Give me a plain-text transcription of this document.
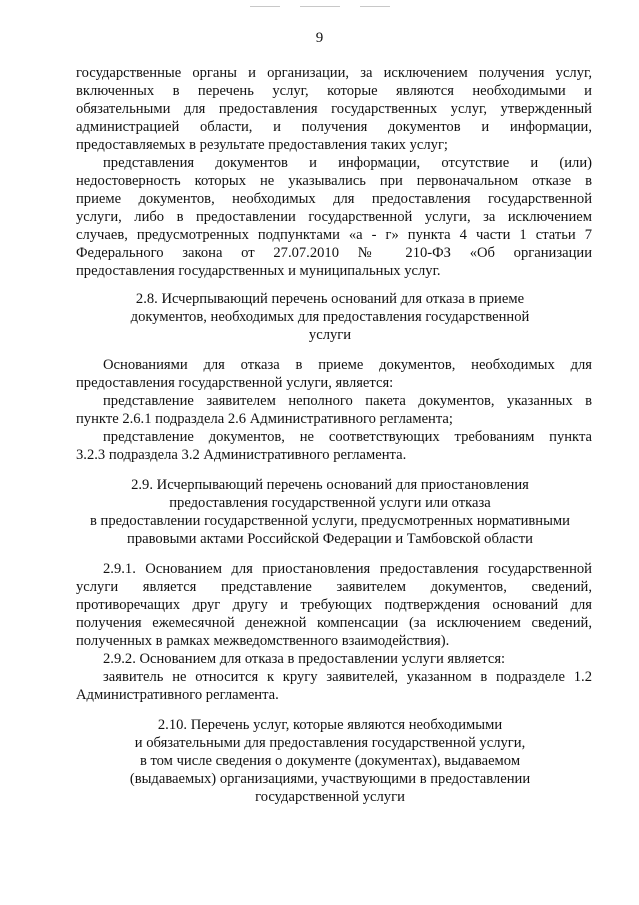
9
государственные органы и организации, за исключением получения услуг,
включенных в перечень услуг, которые являются необходимыми и
обязательными для предоставления государственных услуг, утвержденный
администрацией области, и получения документов и информации,
предоставляемых в результате предоставления таких услуг;
представления документов и информации, отсутствие и (или)
недостоверность которых не указывались при первоначальном отказе в
приеме документов, необходимых для предоставления государственной
услуги, либо в предоставлении государственной услуги, за исключением
случаев, предусмотренных подпунктами «а - г» пункта 4 части 1 статьи 7
Федерального закона от 27.07.2010 № 210-ФЗ «Об организации
предоставления государственных и муниципальных услуг.
2.8. Исчерпывающий перечень оснований для отказа в приеме
документов, необходимых для предоставления государственной
услуги
Основаниями для отказа в приеме документов, необходимых для
предоставления государственной услуги, является:
представление заявителем неполного пакета документов, указанных в
пункте 2.6.1 подраздела 2.6 Административного регламента;
представление документов, не соответствующих требованиям пункта
3.2.3 подраздела 3.2 Административного регламента.
2.9. Исчерпывающий перечень оснований для приостановления
предоставления государственной услуги или отказа
в предоставлении государственной услуги, предусмотренных нормативными
правовыми актами Российской Федерации и Тамбовской области
2.9.1. Основанием для приостановления предоставления государственной
услуги является представление заявителем документов, сведений,
противоречащих друг другу и требующих подтверждения оснований для
получения ежемесячной денежной компенсации (за исключением сведений,
полученных в рамках межведомственного взаимодействия).
2.9.2. Основанием для отказа в предоставлении услуги является:
заявитель не относится к кругу заявителей, указанном в подразделе 1.2
Административного регламента.
2.10. Перечень услуг, которые являются необходимыми
и обязательными для предоставления государственной услуги,
в том числе сведения о документе (документах), выдаваемом
(выдаваемых) организациями, участвующими в предоставлении
государственной услуги
